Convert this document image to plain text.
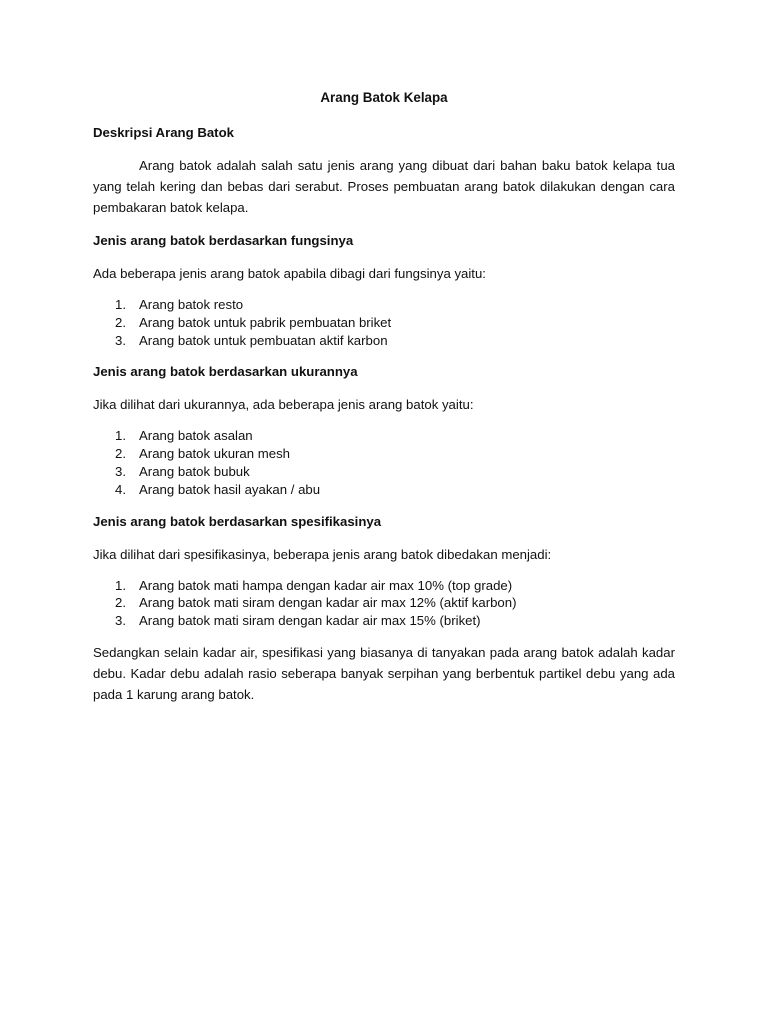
Arang Batok Kelapa
Deskripsi Arang Batok

Arang batok adalah salah satu jenis arang yang dibuat dari bahan baku batok kelapa tua yang telah kering dan bebas dari serabut. Proses pembuatan arang batok dilakukan dengan cara pembakaran batok kelapa.

Jenis arang batok berdasarkan fungsinya

Ada beberapa jenis arang batok apabila dibagi dari fungsinya yaitu:

1. Arang batok resto
2. Arang batok untuk pabrik pembuatan briket
3. Arang batok untuk pembuatan aktif karbon
Jenis arang batok berdasarkan ukurannya

Jika dilihat dari ukurannya, ada beberapa jenis arang batok yaitu:

1. Arang batok asalan
2. Arang batok ukuran mesh
3. Arang batok bubuk
4. Arang batok hasil ayakan / abu
Jenis arang batok berdasarkan spesifikasinya

Jika dilihat dari spesifikasinya, beberapa jenis arang batok dibedakan menjadi:

1. Arang batok mati hampa dengan kadar air max 10% (top grade)
2. Arang batok mati siram dengan kadar air max 12% (aktif karbon)
3. Arang batok mati siram dengan kadar air max 15% (briket)

Sedangkan selain kadar air, spesifikasi yang biasanya di tanyakan pada arang batok adalah kadar debu. Kadar debu adalah rasio seberapa banyak serpihan yang berbentuk partikel debu yang ada pada 1 karung arang batok.
